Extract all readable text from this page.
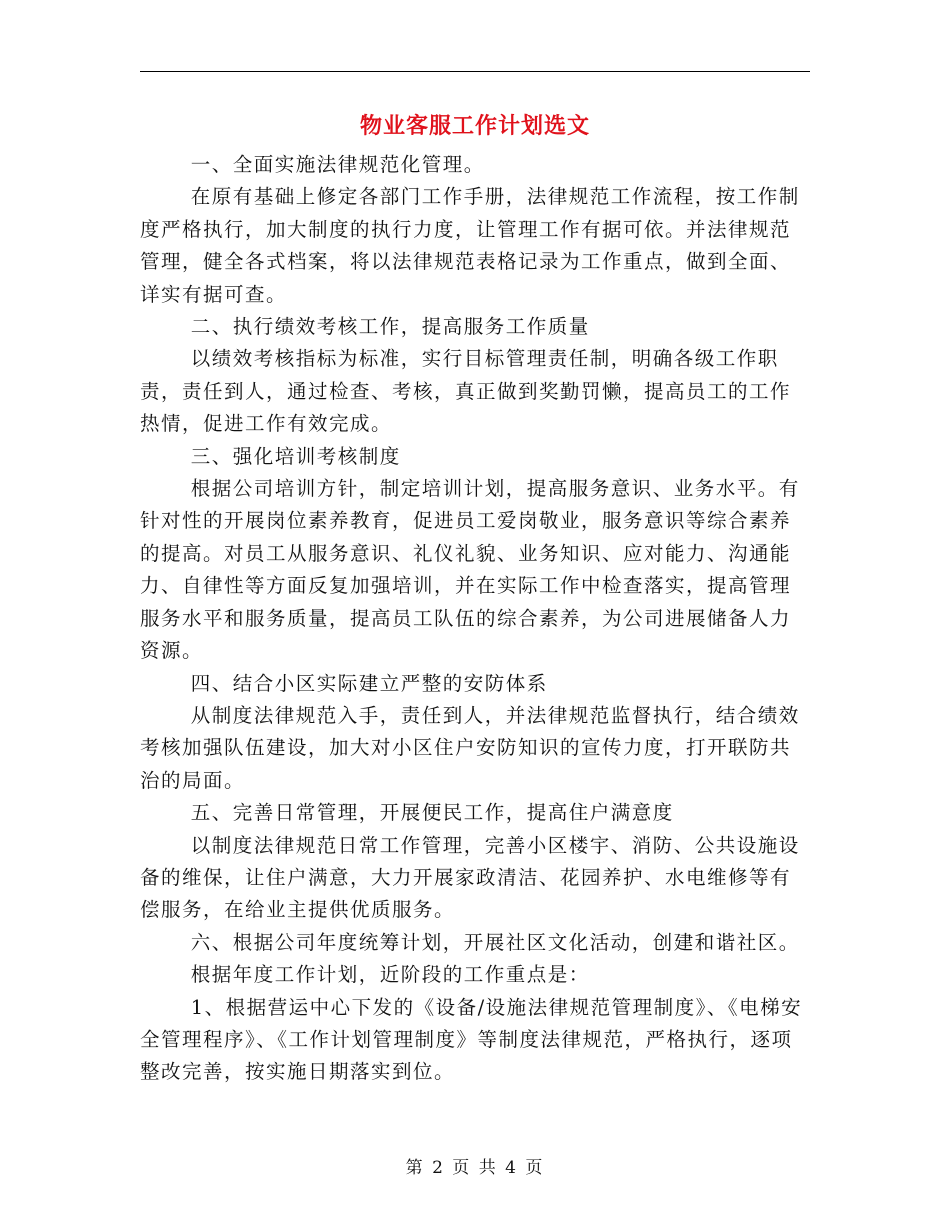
物业客服工作计划选文

一、全面实施法律规范化管理。

在原有基础上修定各部门工作手册，法律规范工作流程，按工作制度严格执行，加大制度的执行力度，让管理工作有据可依。并法律规范管理，健全各式档案，将以法律规范表格记录为工作重点，做到全面、详实有据可查。

二、执行绩效考核工作，提高服务工作质量

以绩效考核指标为标准，实行目标管理责任制，明确各级工作职责，责任到人，通过检查、考核，真正做到奖勤罚懒，提高员工的工作热情，促进工作有效完成。

三、强化培训考核制度

根据公司培训方针，制定培训计划，提高服务意识、业务水平。有针对性的开展岗位素养教育，促进员工爱岗敬业，服务意识等综合素养的提高。对员工从服务意识、礼仪礼貌、业务知识、应对能力、沟通能力、自律性等方面反复加强培训，并在实际工作中检查落实，提高管理服务水平和服务质量，提高员工队伍的综合素养，为公司进展储备人力资源。

四、结合小区实际建立严整的安防体系

从制度法律规范入手，责任到人，并法律规范监督执行，结合绩效考核加强队伍建设，加大对小区住户安防知识的宣传力度，打开联防共治的局面。

五、完善日常管理，开展便民工作，提高住户满意度

以制度法律规范日常工作管理，完善小区楼宇、消防、公共设施设备的维保，让住户满意，大力开展家政清洁、花园养护、水电维修等有偿服务，在给业主提供优质服务。

六、根据公司年度统筹计划，开展社区文化活动，创建和谐社区。

根据年度工作计划，近阶段的工作重点是：

1、根据营运中心下发的《设备/设施法律规范管理制度》、《电梯安全管理程序》、《工作计划管理制度》等制度法律规范，严格执行，逐项整改完善，按实施日期落实到位。

第 2 页 共 4 页
